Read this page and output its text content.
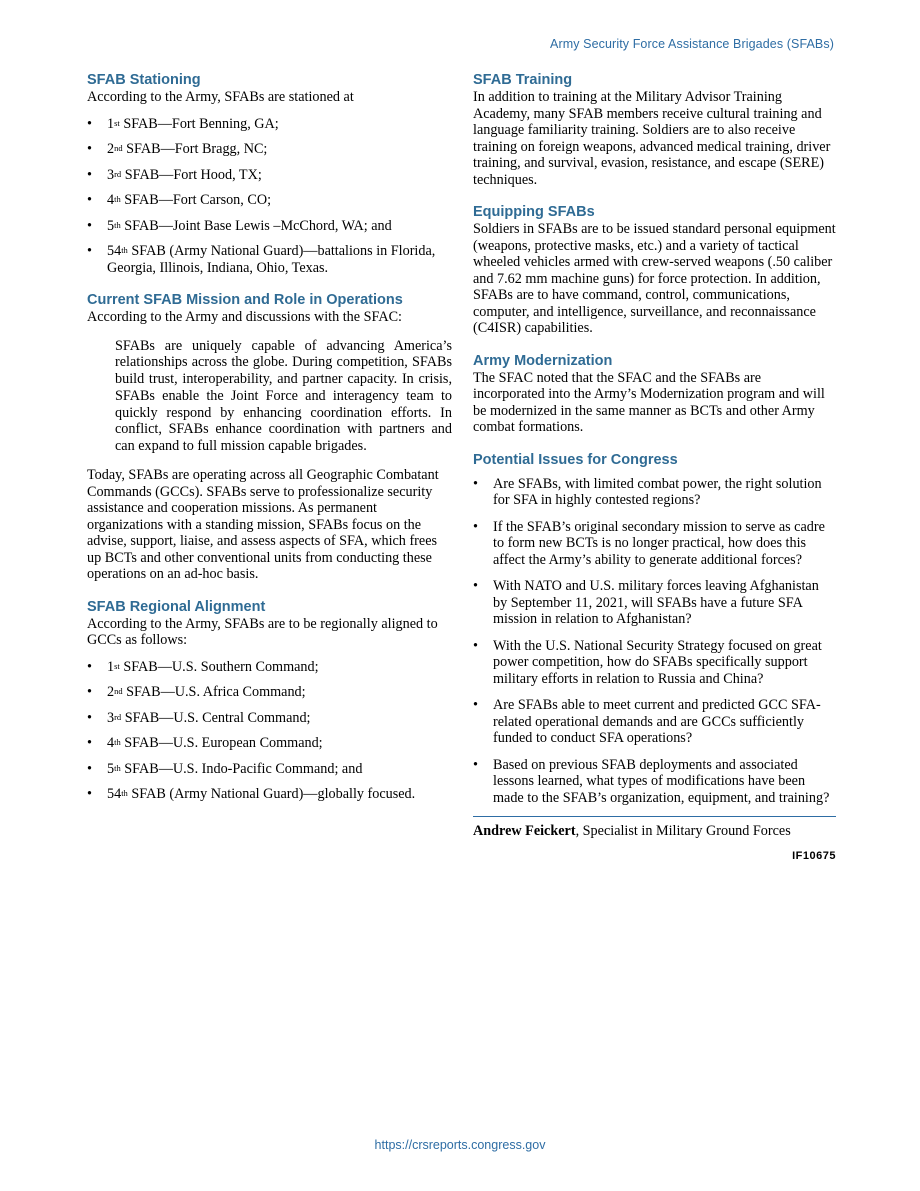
Army Security Force Assistance Brigades (SFABs)
SFAB Stationing

According to the Army, SFABs are stationed at

• 1st SFAB—Fort Benning, GA;
• 2nd SFAB—Fort Bragg, NC;
• 3rd SFAB—Fort Hood, TX;
• 4th SFAB—Fort Carson, CO;
• 5th SFAB—Joint Base Lewis –McChord, WA; and
• 54th SFAB (Army National Guard)—battalions in Florida, Georgia, Illinois, Indiana, Ohio, Texas.
Current SFAB Mission and Role in Operations

According to the Army and discussions with the SFAC:

SFABs are uniquely capable of advancing America’s relationships across the globe. During competition, SFABs build trust, interoperability, and partner capacity. In crisis, SFABs enable the Joint Force and interagency team to quickly respond by enhancing coordination efforts. In conflict, SFABs enhance coordination with partners and can expand to full mission capable brigades.

Today, SFABs are operating across all Geographic Combatant Commands (GCCs). SFABs serve to professionalize security assistance and cooperation missions. As permanent organizations with a standing mission, SFABs focus on the advise, support, liaise, and assess aspects of SFA, which frees up BCTs and other conventional units from conducting these operations on an ad-hoc basis.

SFAB Regional Alignment

According to the Army, SFABs are to be regionally aligned to GCCs as follows:

• 1st SFAB—U.S. Southern Command;
• 2nd SFAB—U.S. Africa Command;
• 3rd SFAB—U.S. Central Command;
• 4th SFAB—U.S. European Command;
• 5th SFAB—U.S. Indo-Pacific Command; and
• 54th SFAB (Army National Guard)—globally focused.
SFAB Training

In addition to training at the Military Advisor Training Academy, many SFAB members receive cultural training and language familiarity training. Soldiers are to also receive training on foreign weapons, advanced medical training, driver training, and survival, evasion, resistance, and escape (SERE) techniques.

Equipping SFABs

Soldiers in SFABs are to be issued standard personal equipment (weapons, protective masks, etc.) and a variety of tactical wheeled vehicles armed with crew-served weapons (.50 caliber and 7.62 mm machine guns) for force protection. In addition, SFABs are to have command, control, communications, computer, and intelligence, surveillance, and reconnaissance (C4ISR) capabilities.

Army Modernization

The SFAC noted that the SFAC and the SFABs are incorporated into the Army’s Modernization program and will be modernized in the same manner as BCTs and other Army combat formations.

Potential Issues for Congress
• Are SFABs, with limited combat power, the right solution for SFA in highly contested regions?
• If the SFAB’s original secondary mission to serve as cadre to form new BCTs is no longer practical, how does this affect the Army’s ability to generate additional forces?
• With NATO and U.S. military forces leaving Afghanistan by September 11, 2021, will SFABs have a future SFA mission in relation to Afghanistan?
• With the U.S. National Security Strategy focused on great power competition, how do SFABs specifically support military efforts in relation to Russia and China?
• Are SFABs able to meet current and predicted GCC SFA-related operational demands and are GCCs sufficiently funded to conduct SFA operations?
• Based on previous SFAB deployments and associated lessons learned, what types of modifications have been made to the SFAB’s organization, equipment, and training?
Andrew Feickert, Specialist in Military Ground Forces
IF10675
https://crsreports.congress.gov
